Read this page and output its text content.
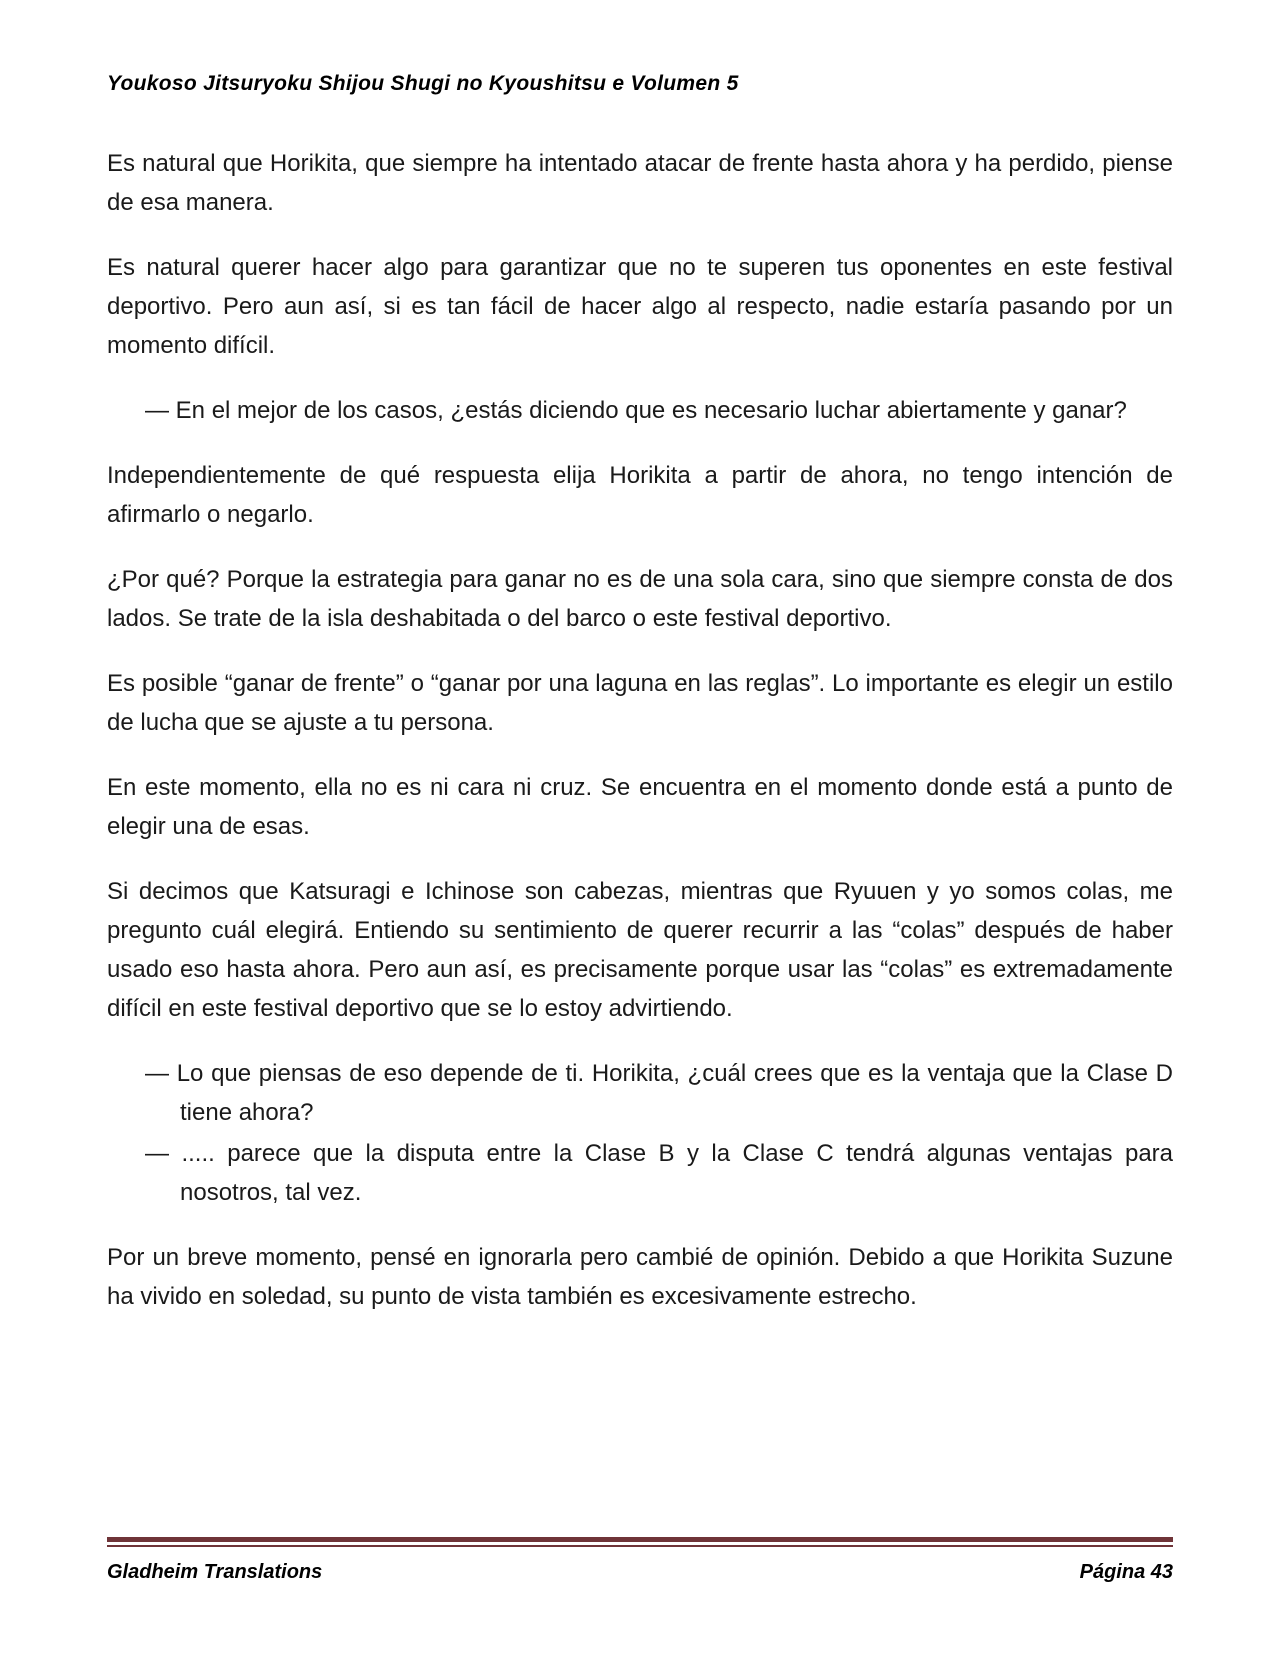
Youkoso Jitsuryoku Shijou Shugi no Kyoushitsu e Volumen 5

Es natural que Horikita, que siempre ha intentado atacar de frente hasta ahora y ha perdido, piense de esa manera.

Es natural querer hacer algo para garantizar que no te superen tus oponentes en este festival deportivo. Pero aun así, si es tan fácil de hacer algo al respecto, nadie estaría pasando por un momento difícil.

— En el mejor de los casos, ¿estás diciendo que es necesario luchar abiertamente y ganar?

Independientemente de qué respuesta elija Horikita a partir de ahora, no tengo intención de afirmarlo o negarlo.

¿Por qué? Porque la estrategia para ganar no es de una sola cara, sino que siempre consta de dos lados. Se trate de la isla deshabitada o del barco o este festival deportivo.

Es posible “ganar de frente” o “ganar por una laguna en las reglas”. Lo importante es elegir un estilo de lucha que se ajuste a tu persona.

En este momento, ella no es ni cara ni cruz. Se encuentra en el momento donde está a punto de elegir una de esas.

Si decimos que Katsuragi e Ichinose son cabezas, mientras que Ryuuen y yo somos colas, me pregunto cuál elegirá. Entiendo su sentimiento de querer recurrir a las “colas” después de haber usado eso hasta ahora. Pero aun así, es precisamente porque usar las “colas” es extremadamente difícil en este festival deportivo que se lo estoy advirtiendo.

— Lo que piensas de eso depende de ti. Horikita, ¿cuál crees que es la ventaja que la Clase D tiene ahora?

— ..... parece que la disputa entre la Clase B y la Clase C tendrá algunas ventajas para nosotros, tal vez.

Por un breve momento, pensé en ignorarla pero cambié de opinión. Debido a que Horikita Suzune ha vivido en soledad, su punto de vista también es excesivamente estrecho.

Gladheim Translations	Página 43
